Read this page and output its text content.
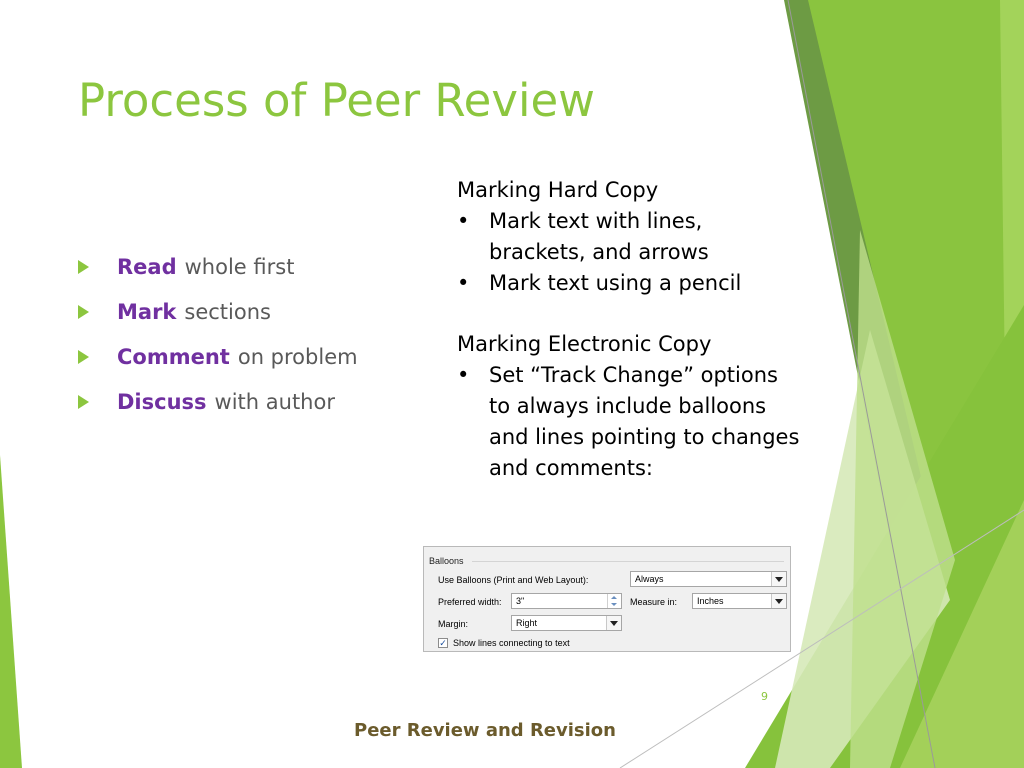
Process of Peer Review
Read whole first
Mark sections
Comment on problem
Discuss with author
Marking Hard Copy
• Mark text with lines,
brackets, and arrows
• Mark text using a pencil
Marking Electronic Copy
• Set “Track Change” options
to always include balloons
and lines pointing to changes
and comments:
Balloons
Use Balloons (Print and Web Layout):	Always
Preferred width:	3"	Measure in:	Inches
Margin:	Right
✓ Show lines connecting to text
9
Peer Review and Revision
